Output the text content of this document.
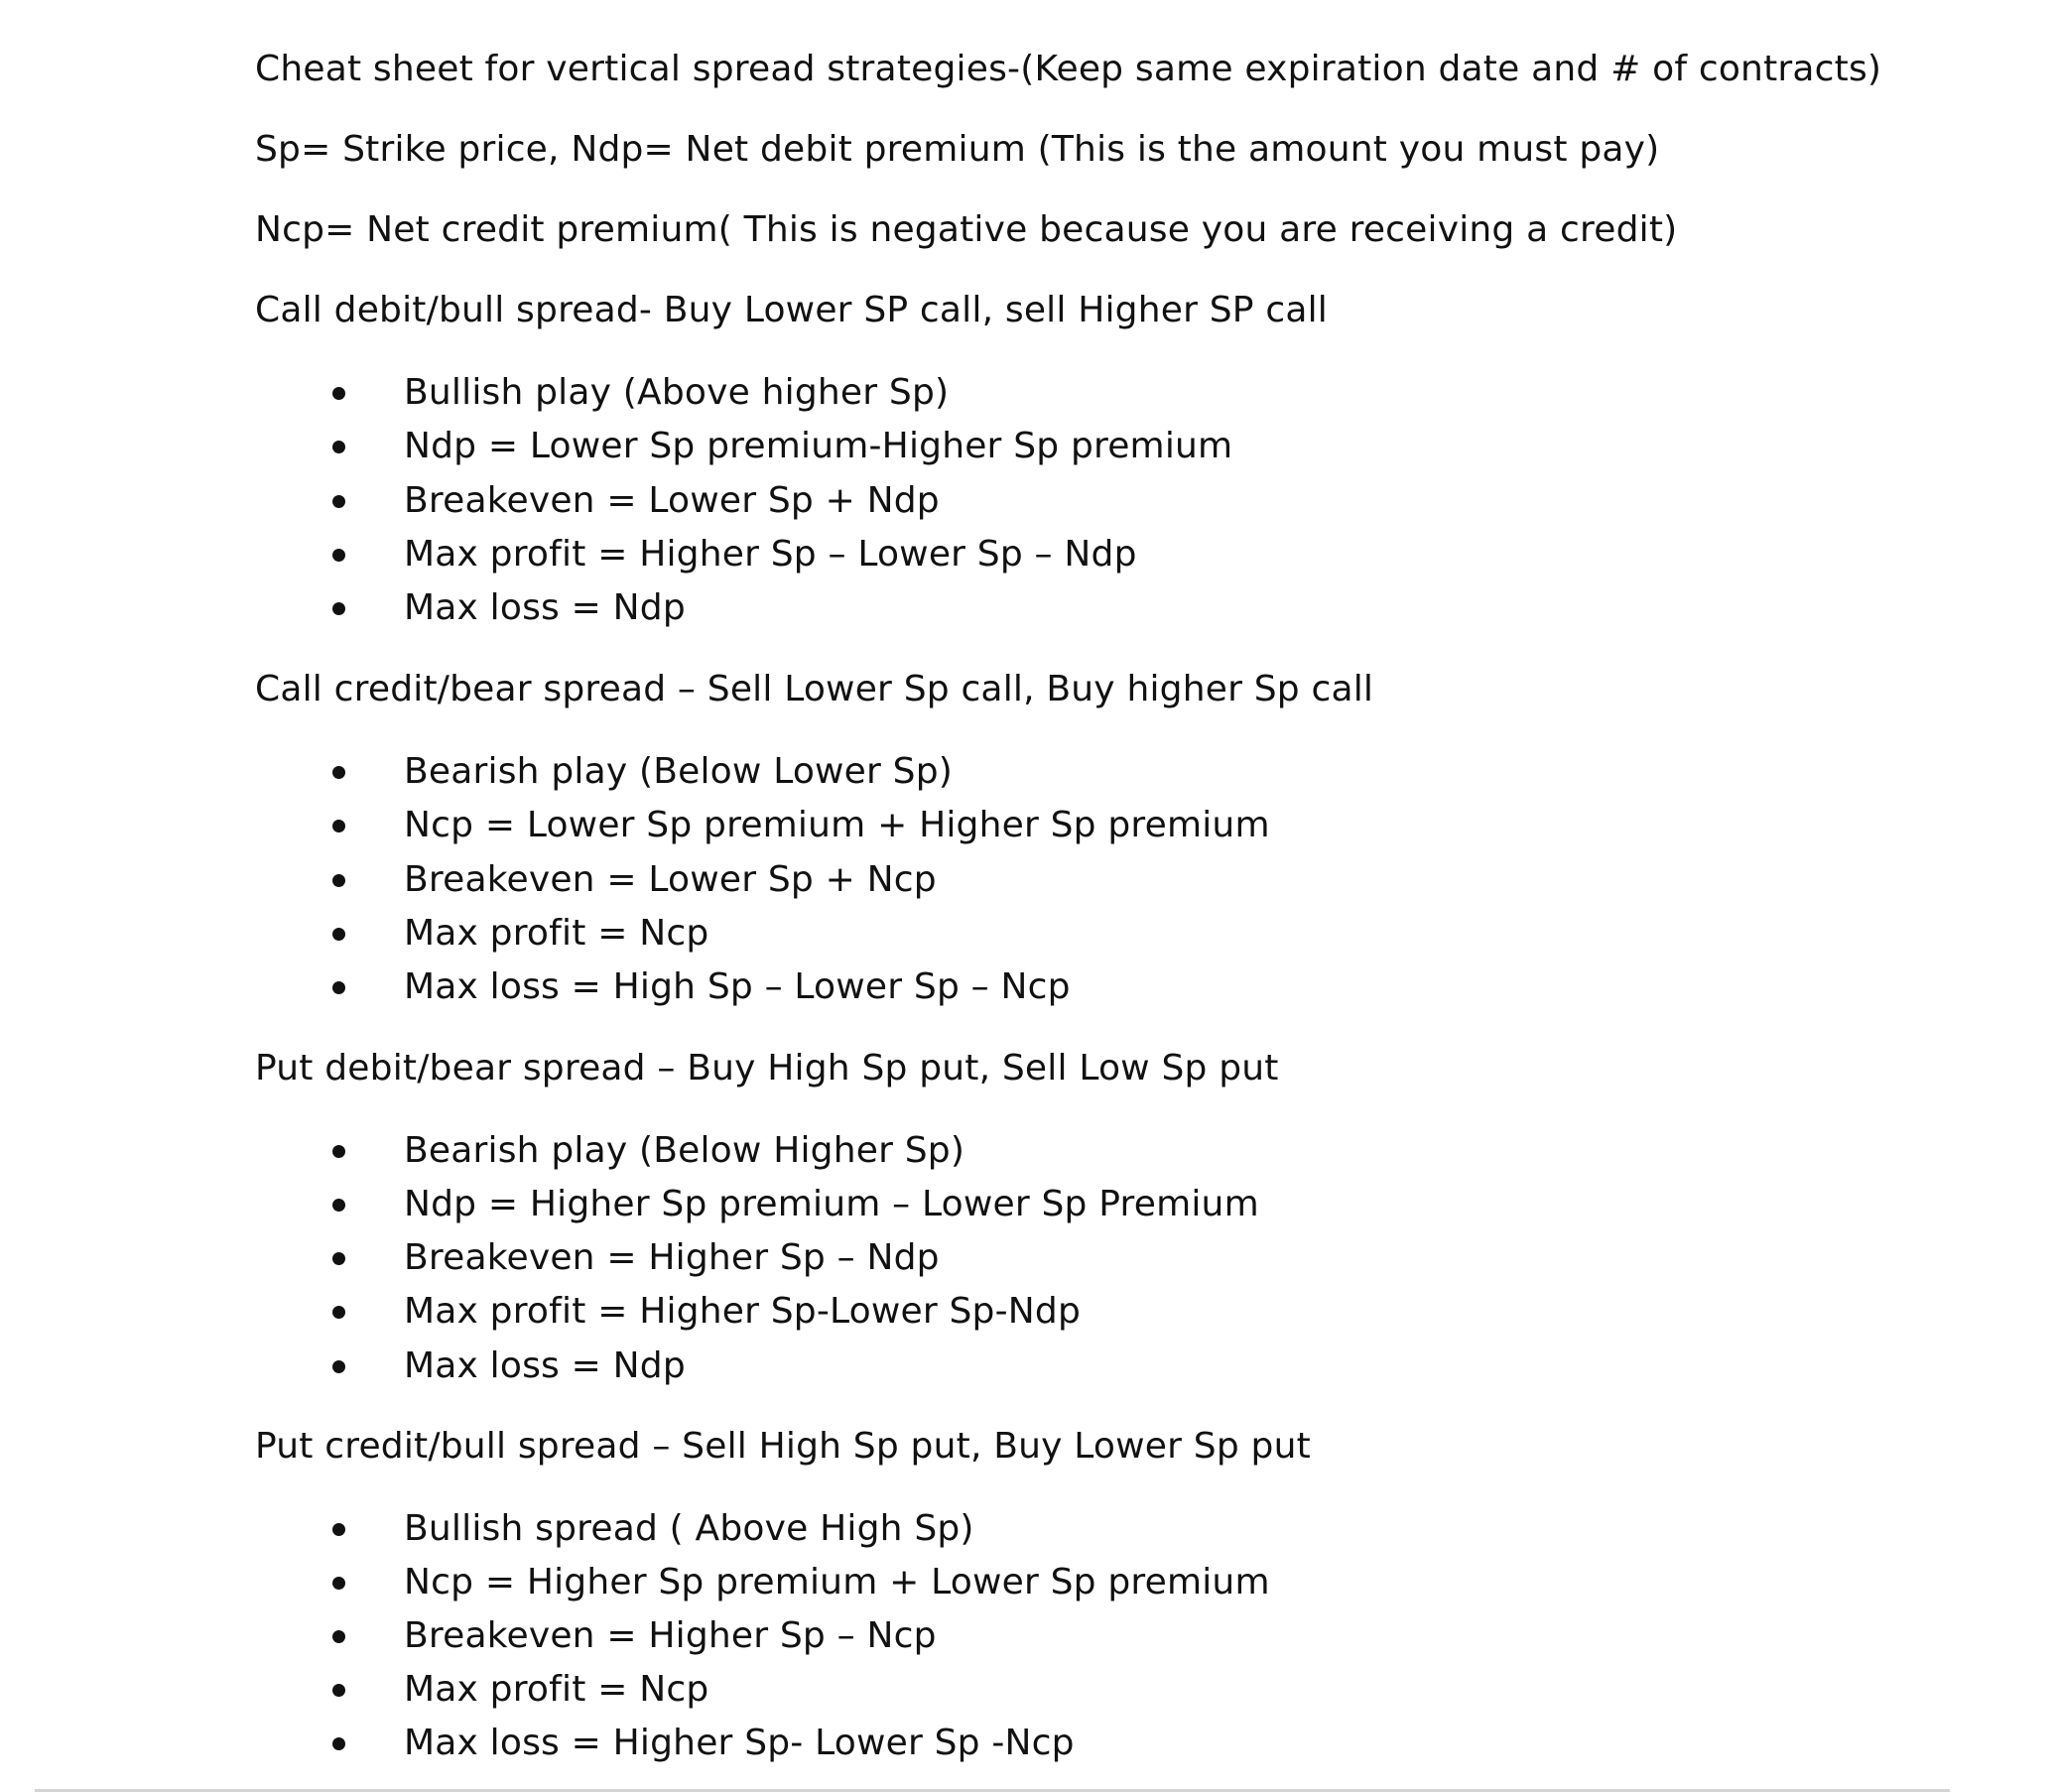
Cheat sheet for vertical spread strategies-(Keep same expiration date and # of contracts)
Sp= Strike price, Ndp= Net debit premium (This is the amount you must pay)
Ncp= Net credit premium( This is negative because you are receiving a credit)
Call debit/bull spread- Buy Lower SP call, sell Higher SP call
Bullish play (Above higher Sp)
Ndp = Lower Sp premium-Higher Sp premium
Breakeven = Lower Sp + Ndp
Max profit = Higher Sp – Lower Sp – Ndp
Max loss = Ndp
Call credit/bear spread – Sell Lower Sp call, Buy higher Sp call
Bearish play (Below Lower Sp)
Ncp = Lower Sp premium + Higher Sp premium
Breakeven = Lower Sp + Ncp
Max profit = Ncp
Max loss = High Sp – Lower Sp – Ncp
Put debit/bear spread – Buy High Sp put, Sell Low Sp put
Bearish play (Below Higher Sp)
Ndp = Higher Sp premium – Lower Sp Premium
Breakeven = Higher Sp – Ndp
Max profit = Higher Sp-Lower Sp-Ndp
Max loss = Ndp
Put credit/bull spread – Sell High Sp put, Buy Lower Sp put
Bullish spread ( Above High Sp)
Ncp = Higher Sp premium + Lower Sp premium
Breakeven = Higher Sp – Ncp
Max profit = Ncp
Max loss = Higher Sp- Lower Sp -Ncp
